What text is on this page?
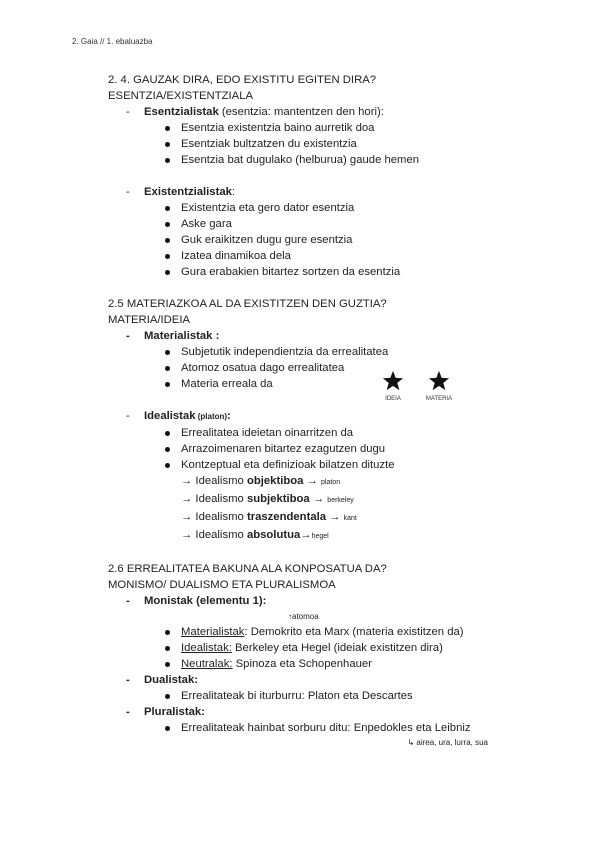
2. Gaia // 1. ebaluazba
2. 4. GAUZAK DIRA, EDO EXISTITU EGITEN DIRA?
ESENTZIA/EXISTENTZIALA
- Esentzialistak (esentzia: mantentzen den hori):
Esentzia existentzia baino aurretik doa
Esentziak bultzatzen du existentzia
Esentzia bat dugulako (helburua) gaude hemen
- Existentzialistak:
Existentzia eta gero dator esentzia
Aske gara
Guk eraikitzen dugu gure esentzia
Izatea dinamikoa dela
Gura erabakien bitartez sortzen da esentzia
2.5 MATERIAZKOA AL DA EXISTITZEN DEN GUZTIA?
MATERIA/IDEIA
- Materialistak :
Subjetutik independientzia da errealitatea
Atomoz osatua dago errealitatea
Materia erreala da
- Idealistak (platon):
Errealitatea ideietan oinarritzen da
Arrazoimenaren bitartez ezagutzen dugu
Kontzeptual eta definizioak bilatzen dituzte
→ Idealismo objektiboa → platon
→ Idealismo subjektiboa → berkeley
→ Idealismo traszendentala → kant
→ Idealismo absolutua→hegel
2.6 ERREALITATEA BAKUNA ALA KONPOSATUA DA?
MONISMO/ DUALISMO ETA PLURALISMOA
- Monistak (elementu 1):
↑atomoa
Materialistak: Demokrito eta Marx (materia existitzen da)
Idealistak: Berkeley eta Hegel (ideiak existitzen dira)
Neutralak: Spinoza eta Schopenhauer
- Dualistak:
Errealitateak bi iturburru: Platon eta Descartes
- Pluralistak:
Errealitateak hainbat sorburu ditu: Enpedokles eta Leibniz
↳ airea, ura, lurra, sua
IDEIA	MATERIA
